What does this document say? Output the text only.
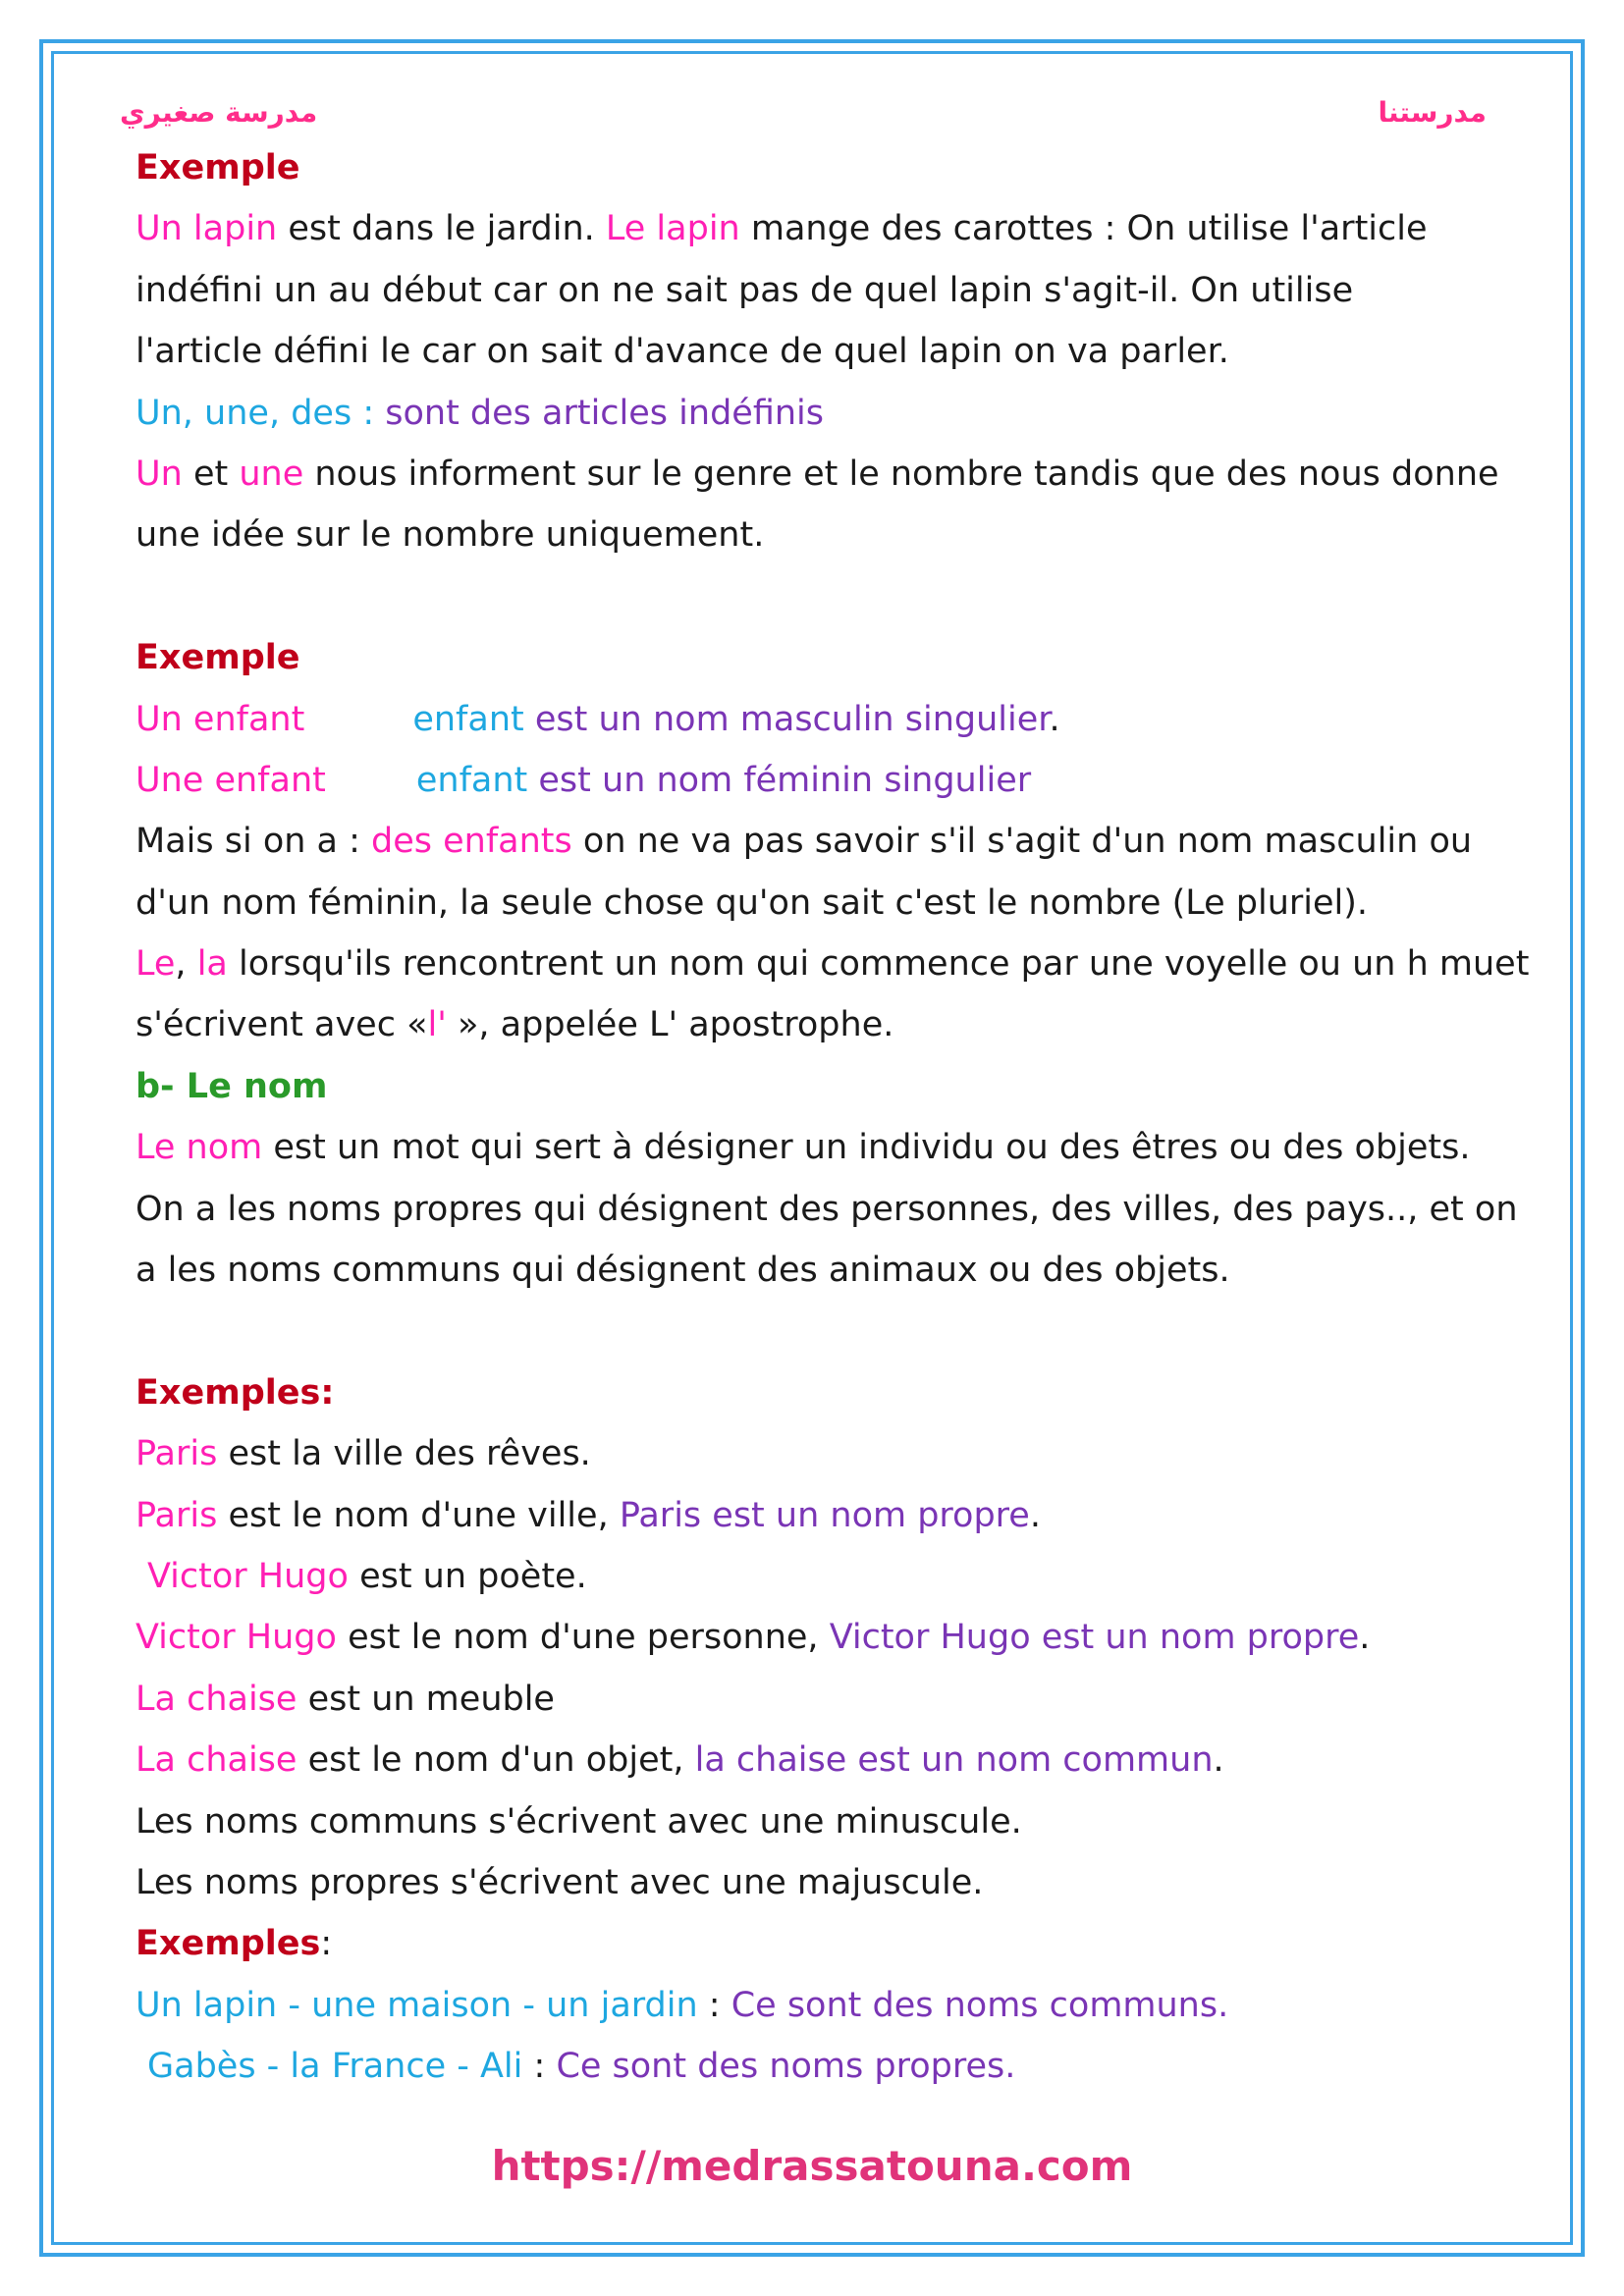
مدرسة صغيري	مدرستنا
Exemple
Un lapin est dans le jardin. Le lapin mange des carottes : On utilise l'article
indéfini un au début car on ne sait pas de quel lapin s'agit-il. On utilise
l'article défini le car on sait d'avance de quel lapin on va parler.
Un, une, des : sont des articles indéfinis
Un et une nous informent sur le genre et le nombre tandis que des nous donne
une idée sur le nombre uniquement.
Exemple
Un enfant	enfant est un nom masculin singulier.
Une enfant	enfant est un nom féminin singulier
Mais si on a : des enfants on ne va pas savoir s'il s'agit d'un nom masculin ou
d'un nom féminin, la seule chose qu'on sait c'est le nombre (Le pluriel).
Le, la lorsqu'ils rencontrent un nom qui commence par une voyelle ou un h muet
s'écrivent avec «l' », appelée L' apostrophe.
b- Le nom
Le nom est un mot qui sert à désigner un individu ou des êtres ou des objets.
On a les noms propres qui désignent des personnes, des villes, des pays.., et on
a les noms communs qui désignent des animaux ou des objets.
Exemples:
Paris est la ville des rêves.
Paris est le nom d'une ville, Paris est un nom propre.
Victor Hugo est un poète.
Victor Hugo est le nom d'une personne, Victor Hugo est un nom propre.
La chaise est un meuble
La chaise est le nom d'un objet, la chaise est un nom commun.
Les noms communs s'écrivent avec une minuscule.
Les noms propres s'écrivent avec une majuscule.
Exemples:
Un lapin - une maison - un jardin : Ce sont des noms communs.
Gabès - la France - Ali : Ce sont des noms propres.
https://medrassatouna.com
